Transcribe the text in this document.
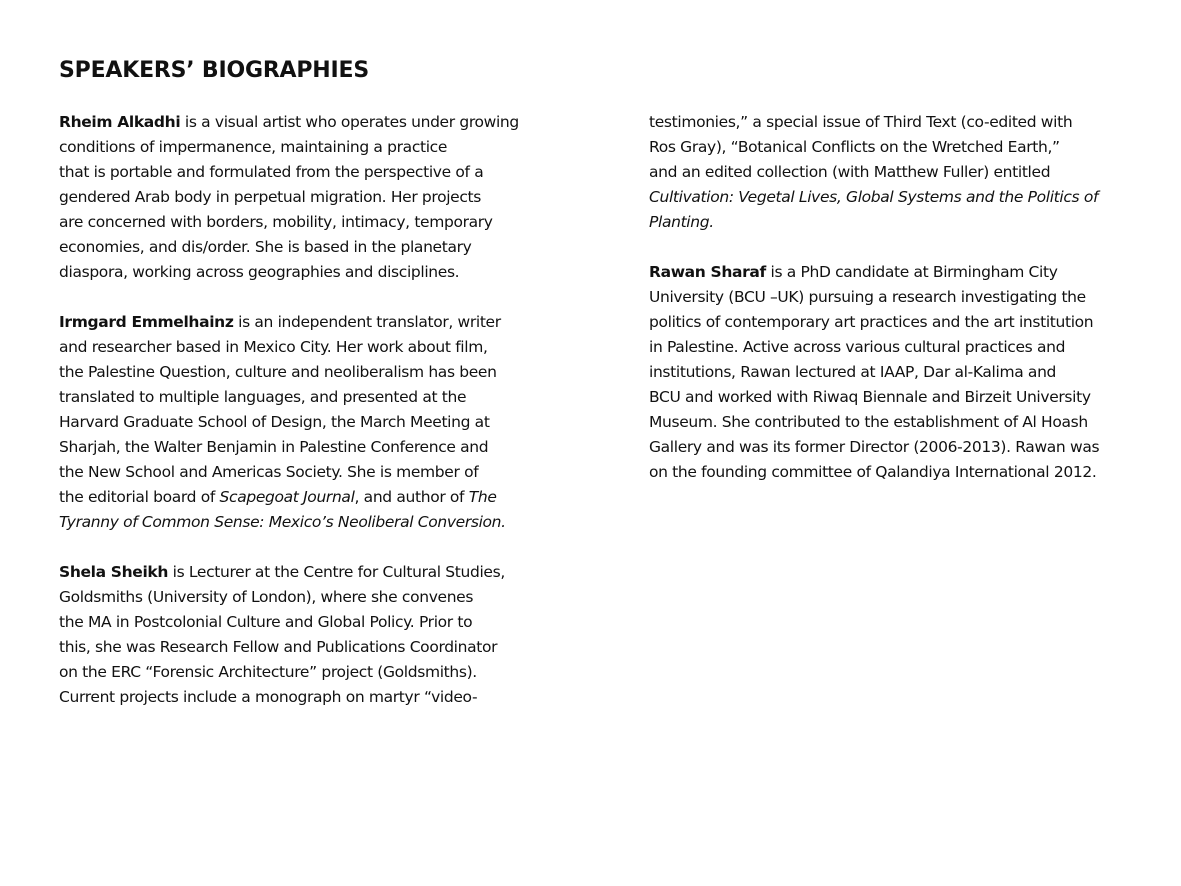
SPEAKERS’ BIOGRAPHIES
Rheim Alkadhi is a visual artist who operates under growing
conditions of impermanence, maintaining a practice
that is portable and formulated from the perspective of a
gendered Arab body in perpetual migration. Her projects
are concerned with borders, mobility, intimacy, temporary
economies, and dis/order. She is based in the planetary
diaspora, working across geographies and disciplines.
Irmgard Emmelhainz is an independent translator, writer
and researcher based in Mexico City. Her work about film,
the Palestine Question, culture and neoliberalism has been
translated to multiple languages, and presented at the
Harvard Graduate School of Design, the March Meeting at
Sharjah, the Walter Benjamin in Palestine Conference and
the New School and Americas Society. She is member of
the editorial board of Scapegoat Journal, and author of The
Tyranny of Common Sense: Mexico’s Neoliberal Conversion.
Shela Sheikh is Lecturer at the Centre for Cultural Studies,
Goldsmiths (University of London), where she convenes
the MA in Postcolonial Culture and Global Policy. Prior to
this, she was Research Fellow and Publications Coordinator
on the ERC “Forensic Architecture” project (Goldsmiths).
Current projects include a monograph on martyr “video-
testimonies,” a special issue of Third Text (co-edited with
Ros Gray), “Botanical Conflicts on the Wretched Earth,”
and an edited collection (with Matthew Fuller) entitled
Cultivation: Vegetal Lives, Global Systems and the Politics of
Planting.
Rawan Sharaf is a PhD candidate at Birmingham City
University (BCU –UK) pursuing a research investigating the
politics of contemporary art practices and the art institution
in Palestine. Active across various cultural practices and
institutions, Rawan lectured at IAAP, Dar al-Kalima and
BCU and worked with Riwaq Biennale and Birzeit University
Museum. She contributed to the establishment of Al Hoash
Gallery and was its former Director (2006-2013). Rawan was
on the founding committee of Qalandiya International 2012.
